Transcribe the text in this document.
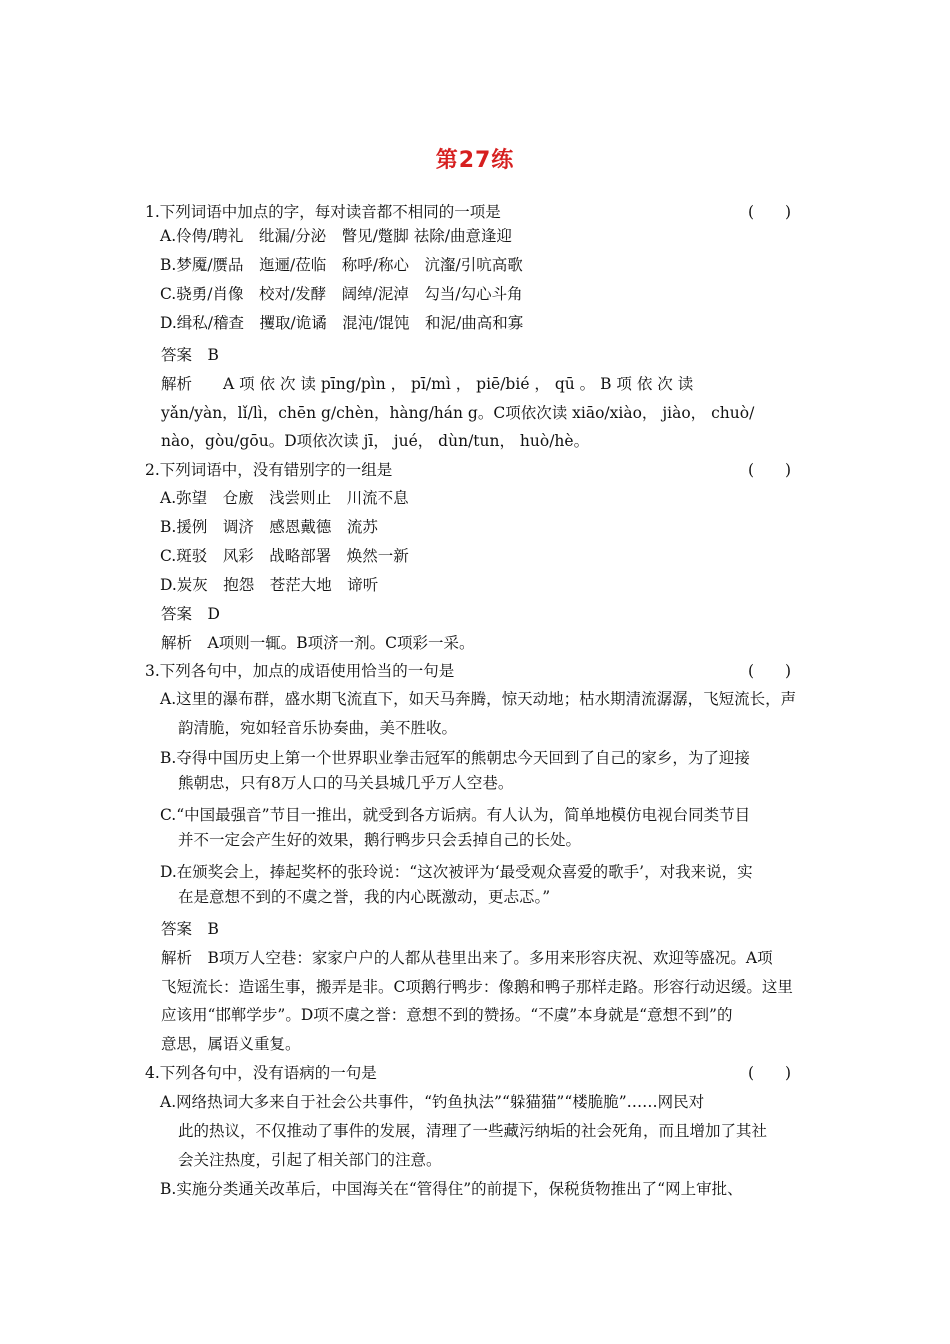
第27练
1.下列词语中加点的字，每对读音都不相同的一项是	(　　)
A.伶俜/聘礼　纰漏/分泌　瞥见/蹩脚 祛除/曲意逢迎
B.梦魇/赝品　迤逦/莅临　称呼/称心　沆瀣/引吭高歌
C.骁勇/肖像　校对/发酵　阔绰/泥淖　勾当/勾心斗角
D.缉私/稽查　攫取/诡谲　混沌/馄饨　和泥/曲高和寡
答案　B
解析　　A 项 依 次 读 pīng/pìn ， pī/mì ， piē/bié ， qū 。 B 项 依 次 读
yǎn/yàn，lǐ/lì，chēn g/chèn，hàng/hán g。C项依次读 xiāo/xiào， jiào， chuò/
nào，gòu/gōu。D项依次读 jī， jué， dùn/tun， huò/hè。
2.下列词语中，没有错别字的一组是	(　　)
A.弥望　仓廒　浅尝则止　川流不息
B.援例　调济　感恩戴德　流苏
C.斑驳　风彩　战略部署　焕然一新
D.炭灰　抱怨　苍茫大地　谛听
答案　D
解析　A项则一辄。B项济一剂。C项彩一采。
3.下列各句中，加点的成语使用恰当的一句是	(　　)
A.这里的瀑布群，盛水期飞流直下，如天马奔腾，惊天动地；枯水期清流潺潺，飞短流长，声
韵清脆，宛如轻音乐协奏曲，美不胜收。
B.夺得中国历史上第一个世界职业拳击冠军的熊朝忠今天回到了自己的家乡，为了迎接
熊朝忠，只有8万人口的马关县城几乎万人空巷。
C.“中国最强音”节目一推出，就受到各方诟病。有人认为，简单地模仿电视台同类节目
并不一定会产生好的效果，鹅行鸭步只会丢掉自己的长处。
D.在颁奖会上，捧起奖杯的张玲说：“这次被评为‘最受观众喜爱的歌手’，对我来说，实
在是意想不到的不虞之誉，我的内心既激动，更忐忑。”
答案　B
解析　B项万人空巷：家家户户的人都从巷里出来了。多用来形容庆祝、欢迎等盛况。A项
飞短流长：造谣生事，搬弄是非。C项鹅行鸭步：像鹅和鸭子那样走路。形容行动迟缓。这里
应该用“邯郸学步”。D项不虞之誉：意想不到的赞扬。“不虞”本身就是“意想不到”的
意思，属语义重复。
4.下列各句中，没有语病的一句是	(　　)
A.网络热词大多来自于社会公共事件，“钓鱼执法”“躲猫猫”“楼脆脆”……网民对
此的热议，不仅推动了事件的发展，清理了一些藏污纳垢的社会死角，而且增加了其社
会关注热度，引起了相关部门的注意。
B.实施分类通关改革后，中国海关在“管得住”的前提下，保税货物推出了“网上审批、
